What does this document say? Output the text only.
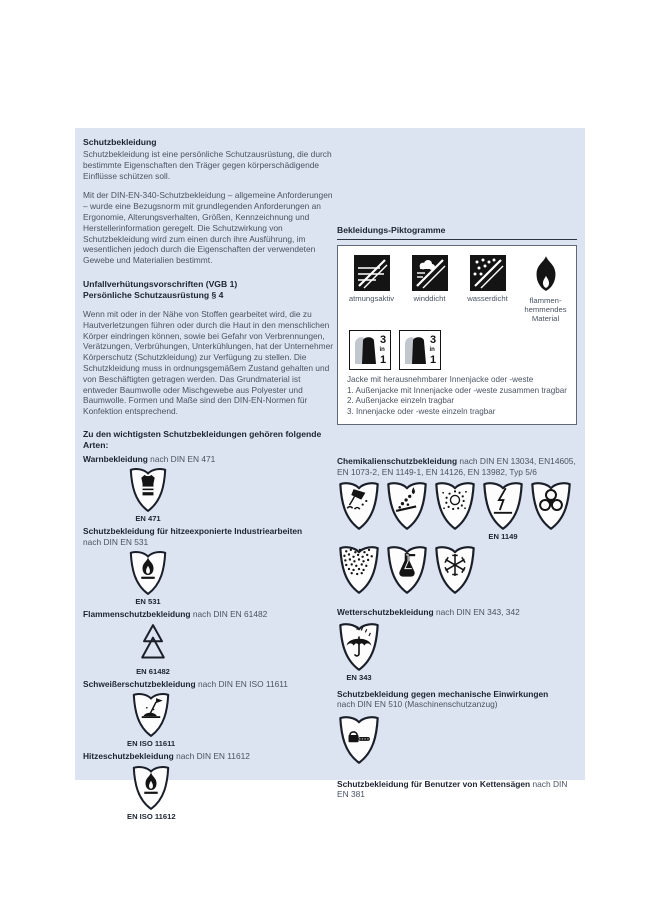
Schutzbekleidung

Schutzbekleidung ist eine persönliche Schutzausrüstung, die durch bestimmte Eigenschaften den Träger gegen körperschädigende Einflüsse schützen soll.

Mit der DIN-EN-340-Schutzbekleidung – allgemeine Anforderungen – wurde eine Bezugsnorm mit grundlegenden Anforderungen an Ergonomie, Alterungsverhalten, Größen, Kennzeichnung und Herstellerinformation geregelt. Die Schutzwirkung von Schutzbekleidung wird zum einen durch ihre Ausführung, im wesentlichen jedoch durch die Eigenschaften der verwendeten Gewebe und Materialien bestimmt.

Unfallverhütungsvorschriften (VGB 1)
Persönliche Schutzausrüstung § 4

Wenn mit oder in der Nähe von Stoffen gearbeitet wird, die zu Hautverletzungen führen oder durch die Haut in den menschlichen Körper eindringen können, sowie bei Gefahr von Verbrennungen, Verätzungen, Verbrühungen, Unterkühlungen, hat der Unternehmer Körperschutz (Schutzkleidung) zur Verfügung zu stellen. Die Schutzkleidung muss in ordnungsgemäßem Zustand gehalten und von Beschäftigten getragen werden. Das Grundmaterial ist entweder Baumwolle oder Mischgewebe aus Polyester und Baumwolle. Formen und Maße sind den DIN-EN-Normen für Konfektion entsprechend.

Zu den wichtigsten Schutzbekleidungen gehören folgende Arten:
Warnbekleidung nach DIN EN 471
EN 471
Schutzbekleidung für hitzeexponierte Industriearbeiten
nach DIN EN 531
EN 531
Flammenschutzbekleidung nach DIN EN 61482
EN 61482
Schweißerschutzbekleidung nach DIN EN ISO 11611
EN ISO 11611
Hitzeschutzbekleidung nach DIN EN 11612
EN ISO 11612
Bekleidungs-Piktogramme
atmungsaktiv	winddicht	wasserdicht	flammen-hemmendes Material
3
in
1
3
in
1
Jacke mit herausnehmbarer Innenjacke oder -weste
1. Außenjacke mit Innenjacke oder -weste zusammen tragbar
2. Außenjacke einzeln tragbar
3. Innenjacke oder -weste einzeln tragbar
Chemikalienschutzbekleidung nach DIN EN 13034, EN14605, EN 1073-2, EN 1149-1, EN 14126, EN 13982, Typ 5/6
EN 1149
Wetterschutzbekleidung nach DIN EN 343, 342
EN 343
Schutzbekleidung gegen mechanische Einwirkungen
nach DIN EN 510 (Maschinenschutzanzug)
Schutzbekleidung für Benutzer von Kettensägen nach DIN EN 381
